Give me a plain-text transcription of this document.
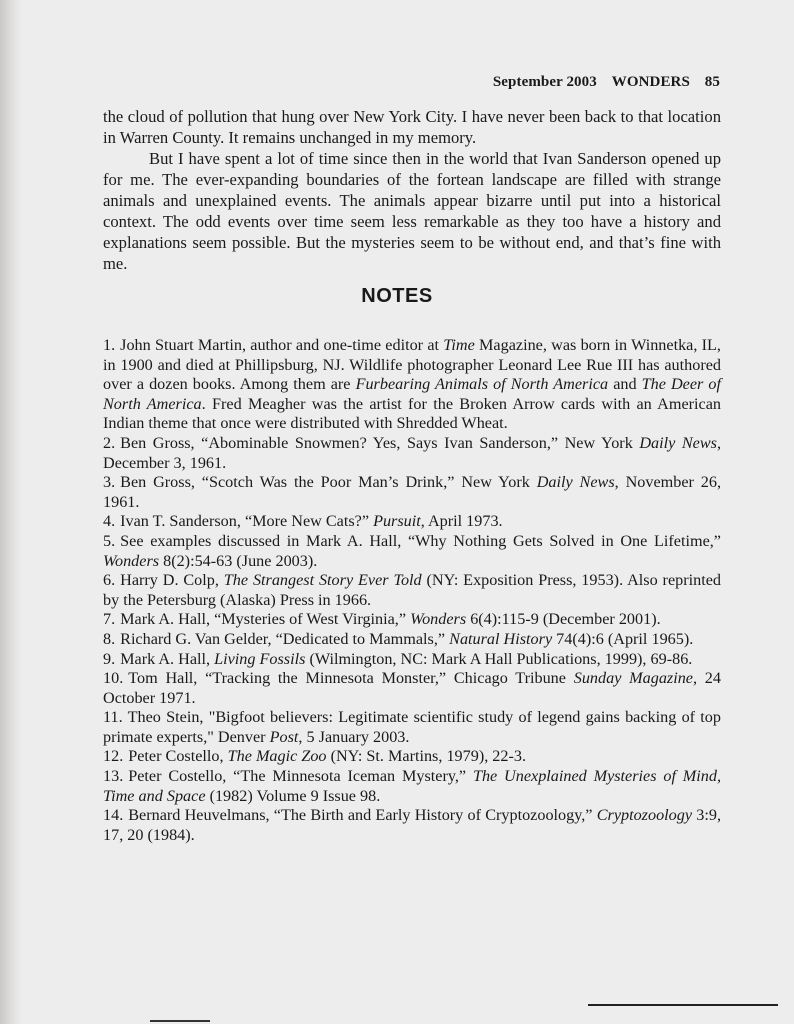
September 2003 WONDERS 85

the cloud of pollution that hung over New York City. I have never been back to that location in Warren County. It remains unchanged in my memory.

But I have spent a lot of time since then in the world that Ivan Sanderson opened up for me. The ever-expanding boundaries of the fortean landscape are filled with strange animals and unexplained events. The animals appear bizarre until put into a historical context. The odd events over time seem less remarkable as they too have a history and explanations seem possible. But the mysteries seem to be without end, and that’s fine with me.

NOTES

1. John Stuart Martin, author and one-time editor at Time Magazine, was born in Winnetka, IL, in 1900 and died at Phillipsburg, NJ. Wildlife photographer Leonard Lee Rue III has authored over a dozen books. Among them are Furbearing Animals of North America and The Deer of North America. Fred Meagher was the artist for the Broken Arrow cards with an American Indian theme that once were distributed with Shredded Wheat.

2. Ben Gross, “Abominable Snowmen? Yes, Says Ivan Sanderson,” New York Daily News, December 3, 1961.

3. Ben Gross, “Scotch Was the Poor Man’s Drink,” New York Daily News, November 26, 1961.

4. Ivan T. Sanderson, “More New Cats?” Pursuit, April 1973.

5. See examples discussed in Mark A. Hall, “Why Nothing Gets Solved in One Lifetime,” Wonders 8(2):54-63 (June 2003).

6. Harry D. Colp, The Strangest Story Ever Told (NY: Exposition Press, 1953). Also reprinted by the Petersburg (Alaska) Press in 1966.

7. Mark A. Hall, “Mysteries of West Virginia,” Wonders 6(4):115-9 (December 2001).

8. Richard G. Van Gelder, “Dedicated to Mammals,” Natural History 74(4):6 (April 1965).

9. Mark A. Hall, Living Fossils (Wilmington, NC: Mark A Hall Publications, 1999), 69-86.

10. Tom Hall, “Tracking the Minnesota Monster,” Chicago Tribune Sunday Magazine, 24 October 1971.

11. Theo Stein, "Bigfoot believers: Legitimate scientific study of legend gains backing of top primate experts," Denver Post, 5 January 2003.

12. Peter Costello, The Magic Zoo (NY: St. Martins, 1979), 22-3.

13. Peter Costello, “The Minnesota Iceman Mystery,” The Unexplained Mysteries of Mind, Time and Space (1982) Volume 9 Issue 98.

14. Bernard Heuvelmans, “The Birth and Early History of Cryptozoology,” Cryptozoology 3:9, 17, 20 (1984).
